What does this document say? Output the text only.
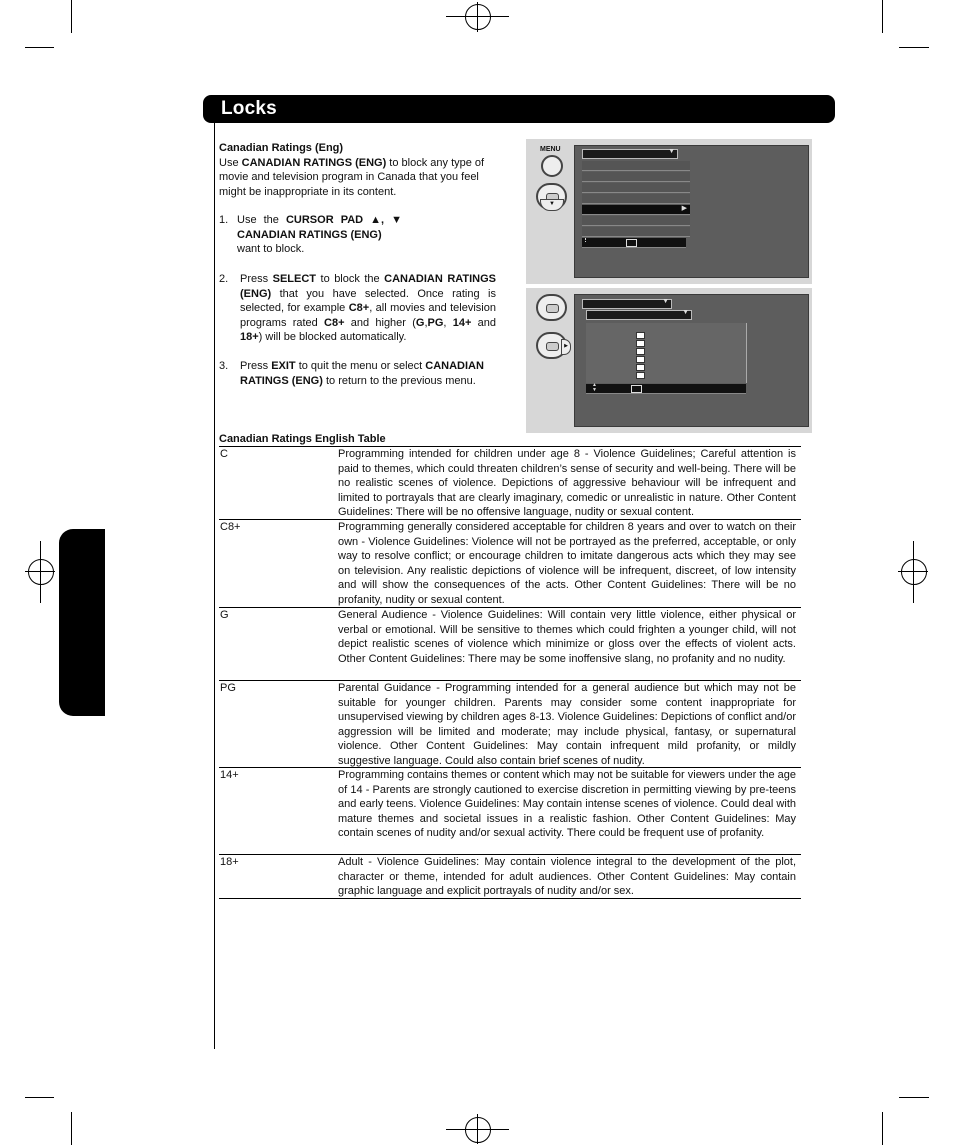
Locks

Canadian Ratings (Eng)

Use CANADIAN RATINGS (ENG) to block any type of movie and television program in Canada that you feel might be inappropriate in its content.

1. Use the CURSOR PAD ▲, ▼ CANADIAN RATINGS (ENG)
want to block.
2. Press SELECT to block the CANADIAN RATINGS (ENG) that you have selected. Once rating is selected, for example C8+, all movies and television programs rated C8+ and higher (G,PG, 14+ and 18+) will be blocked automatically.
3. Press EXIT to quit the menu or select CANADIAN RATINGS (ENG) to return to the previous menu.
MENU
▼
▼
▶
▶
▼
▼
▲
▼
Canadian Ratings English Table
C	Programming intended for children under age 8 - Violence Guidelines; Careful attention is paid to themes, which could threaten children’s sense of security and well-being. There will be no realistic scenes of violence. Depictions of aggressive behaviour will be infrequent and limited to portrayals that are clearly imaginary, comedic or unrealistic in nature. Other Content Guidelines: There will be no offensive language, nudity or sexual content.
C8+	Programming generally considered acceptable for children 8 years and over to watch on their own - Violence Guidelines: Violence will not be portrayed as the preferred, acceptable, or only way to resolve conflict; or encourage children to imitate dangerous acts which they may see on television. Any realistic depictions of violence will be infrequent, discreet, of low intensity and will show the consequences of the acts. Other Content Guidelines: There will be no profanity, nudity or sexual content.
G	General Audience - Violence Guidelines: Will contain very little violence, either physical or verbal or emotional. Will be sensitive to themes which could frighten a younger child, will not depict realistic scenes of violence which minimize or gloss over the effects of violent acts. Other Content Guidelines: There may be some inoffensive slang, no profanity and no nudity.
PG	Parental Guidance - Programming intended for a general audience but which may not be suitable for younger children. Parents may consider some content inappropriate for unsupervised viewing by children ages 8-13. Violence Guidelines: Depictions of conflict and/or aggression will be limited and moderate; may include physical, fantasy, or supernatural violence. Other Content Guidelines: May contain infrequent mild profanity, or mildly suggestive language. Could also contain brief scenes of nudity.
14+	Programming contains themes or content which may not be suitable for viewers under the age of 14 - Parents are strongly cautioned to exercise discretion in permitting viewing by pre-teens and early teens. Violence Guidelines: May contain intense scenes of violence. Could deal with mature themes and societal issues in a realistic fashion. Other Content Guidelines: May contain scenes of nudity and/or sexual activity. There could be frequent use of profanity.
18+	Adult - Violence Guidelines: May contain violence integral to the development of the plot, character or theme, intended for adult audiences. Other Content Guidelines: May contain graphic language and explicit portrayals of nudity and/or sex.
